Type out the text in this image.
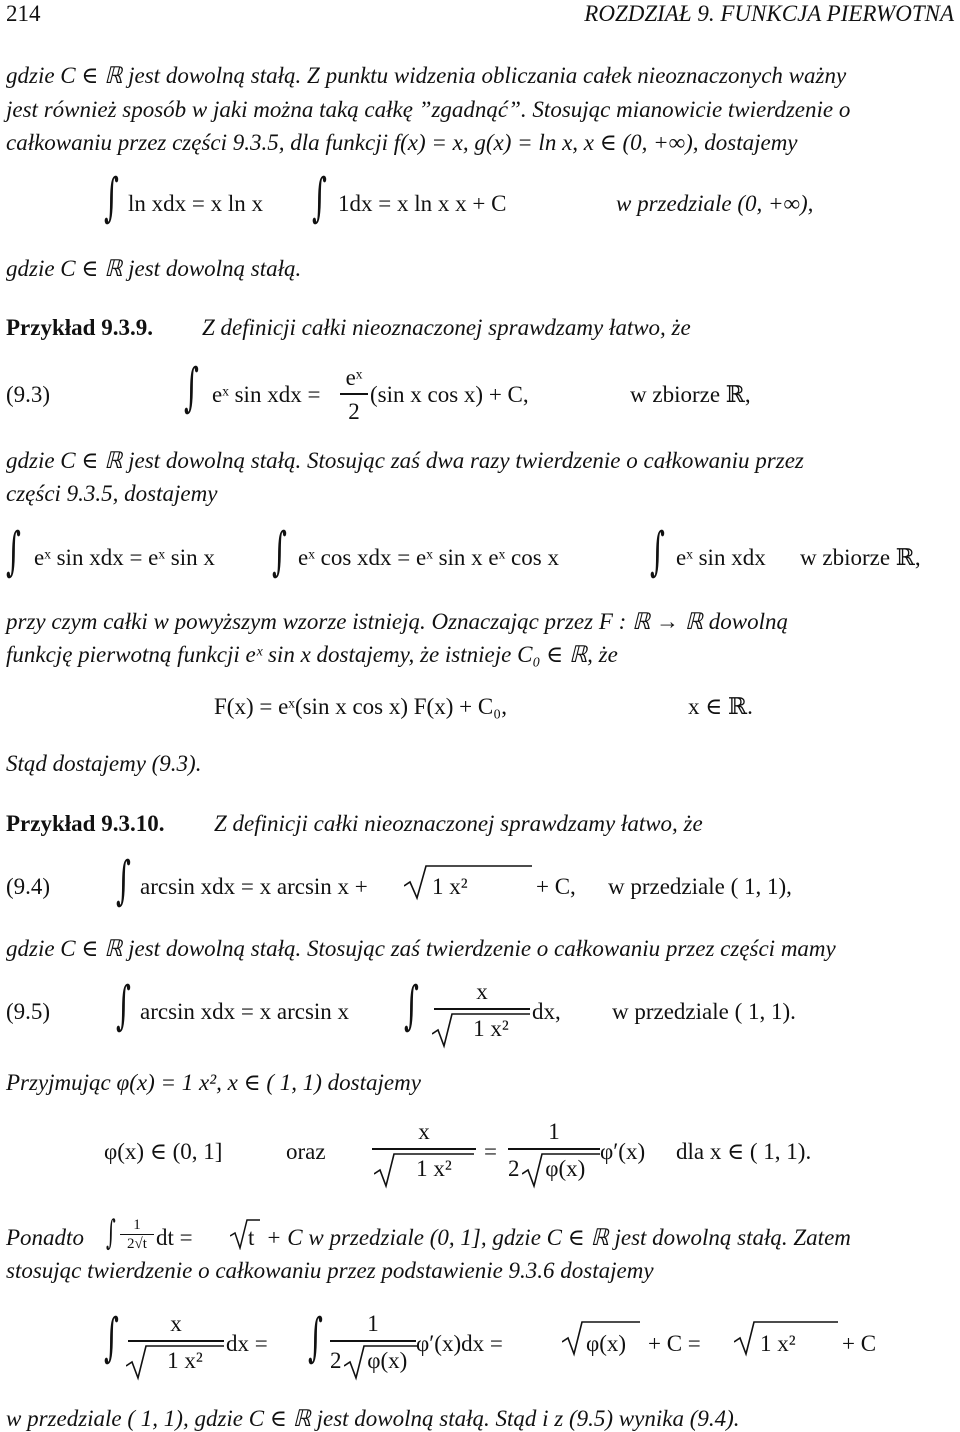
214	ROZDZIAŁ 9. FUNKCJA PIERWOTNA
gdzie C ∈ ℝ jest dowolną stałą. Z punktu widzenia obliczania całek nieoznaczonych ważny
jest również sposób w jaki można taką całkę ”zgadnąć”. Stosując mianowicie twierdzenie o
całkowaniu przez części 9.3.5, dla funkcji f(x) = x, g(x) = ln x, x ∈ (0, +∞), dostajemy
∫ ln xdx = x ln x ∫ 1dx = x ln x x + C	w przedziale (0, +∞),
gdzie C ∈ ℝ jest dowolną stałą.
Przykład 9.3.9. Z definicji całki nieoznaczonej sprawdzamy łatwo, że
(9.3)	∫ eˣ sin xdx =
eˣ
2
(sin x cos x) + C,	w zbiorze ℝ,
gdzie C ∈ ℝ jest dowolną stałą. Stosując zaś dwa razy twierdzenie o całkowaniu przez
części 9.3.5, dostajemy
∫ eˣ sin xdx = eˣ sin x ∫ eˣ cos xdx = eˣ sin x eˣ cos x ∫ eˣ sin xdx w zbiorze ℝ,
przy czym całki w powyższym wzorze istnieją. Oznaczając przez F : ℝ → ℝ dowolną
funkcję pierwotną funkcji eˣ sin x dostajemy, że istnieje C₀ ∈ ℝ, że
F(x) = eˣ(sin x cos x) F(x) + C₀,	x ∈ ℝ.
Stąd dostajemy (9.3).
Przykład 9.3.10. Z definicji całki nieoznaczonej sprawdzamy łatwo, że
(9.4) ∫ arcsin xdx = x arcsin x +	1 x²	+ C, w przedziale ( 1, 1),
gdzie C ∈ ℝ jest dowolną stałą. Stosując zaś twierdzenie o całkowaniu przez części mamy
(9.5) ∫ arcsin xdx = x arcsin x ∫	x
1 x²
dx, w przedziale ( 1, 1).
Przyjmując φ(x) = 1 x², x ∈ ( 1, 1) dostajemy
φ(x) ∈ (0, 1]	oraz
x
1 x²
=
1
2 φ(x)
φ′(x) dla x ∈ ( 1, 1).
Ponadto ∫	1
2√t dt = t + C w przedziale (0, 1], gdzie C ∈ ℝ jest dowolną stałą. Zatem
stosując twierdzenie o całkowaniu przez podstawienie 9.3.6 dostajemy
∫	x
1 x²
dx = ∫	1
2 φ(x)
φ′(x)dx =	φ(x) + C =	1 x² + C
w przedziale ( 1, 1), gdzie C ∈ ℝ jest dowolną stałą. Stąd i z (9.5) wynika (9.4).
